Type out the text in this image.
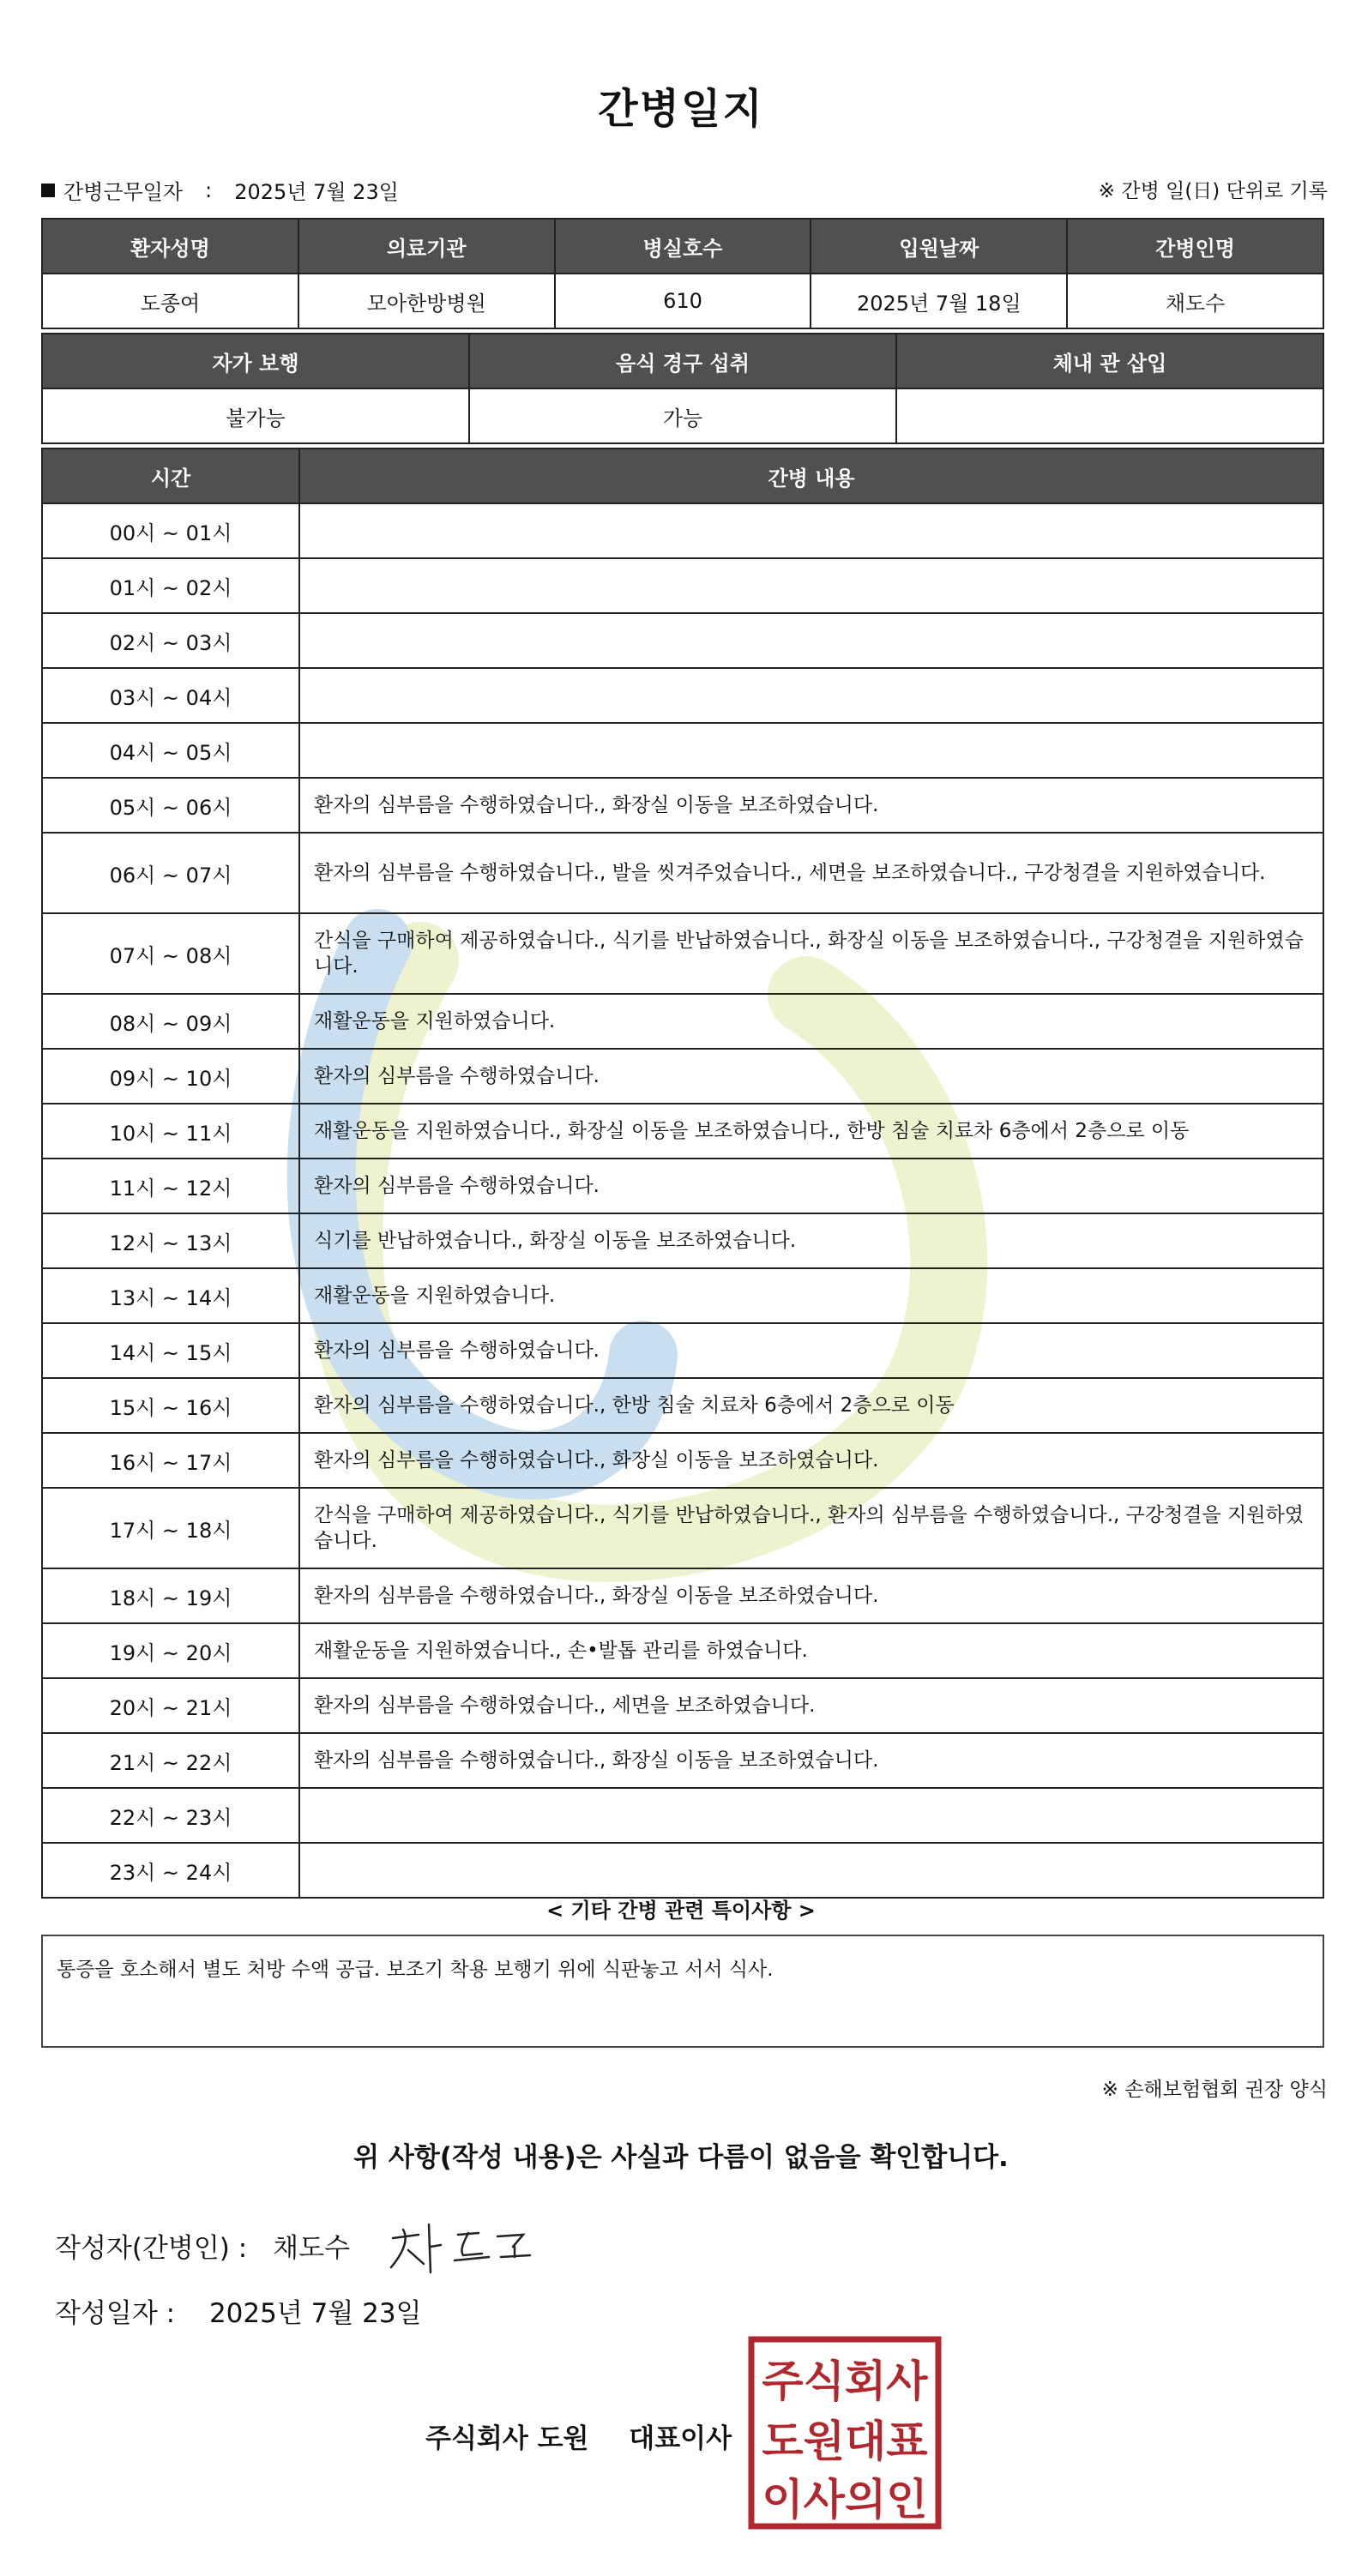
간병일지
간병근무일자 : 2025년 7월 23일	※ 간병 일(日) 단위로 기록
환자성명	의료기관	병실호수	입원날짜	간병인명
도종여	모아한방병원	610	2025년 7월 18일	채도수
자가 보행	음식 경구 섭취	체내 관 삽입
불가능	가능	
시간	간병 내용
00시 ~ 01시	
01시 ~ 02시	
02시 ~ 03시	
03시 ~ 04시	
04시 ~ 05시	
05시 ~ 06시	환자의 심부름을 수행하였습니다., 화장실 이동을 보조하였습니다.
06시 ~ 07시	환자의 심부름을 수행하였습니다., 발을 씻겨주었습니다., 세면을 보조하였습니다., 구강청결을 지원하였습니다.
07시 ~ 08시	간식을 구매하여 제공하였습니다., 식기를 반납하였습니다., 화장실 이동을 보조하였습니다., 구강청결을 지원하였습니다.
08시 ~ 09시	재활운동을 지원하였습니다.
09시 ~ 10시	환자의 심부름을 수행하였습니다.
10시 ~ 11시	재활운동을 지원하였습니다., 화장실 이동을 보조하였습니다., 한방 침술 치료차 6층에서 2층으로 이동
11시 ~ 12시	환자의 심부름을 수행하였습니다.
12시 ~ 13시	식기를 반납하였습니다., 화장실 이동을 보조하였습니다.
13시 ~ 14시	재활운동을 지원하였습니다.
14시 ~ 15시	환자의 심부름을 수행하였습니다.
15시 ~ 16시	환자의 심부름을 수행하였습니다., 한방 침술 치료차 6층에서 2층으로 이동
16시 ~ 17시	환자의 심부름을 수행하였습니다., 화장실 이동을 보조하였습니다.
17시 ~ 18시	간식을 구매하여 제공하였습니다., 식기를 반납하였습니다., 환자의 심부름을 수행하였습니다., 구강청결을 지원하였습니다.
18시 ~ 19시	환자의 심부름을 수행하였습니다., 화장실 이동을 보조하였습니다.
19시 ~ 20시	재활운동을 지원하였습니다., 손•발톱 관리를 하였습니다.
20시 ~ 21시	환자의 심부름을 수행하였습니다., 세면을 보조하였습니다.
21시 ~ 22시	환자의 심부름을 수행하였습니다., 화장실 이동을 보조하였습니다.
22시 ~ 23시	
23시 ~ 24시	
< 기타 간병 관련 특이사항 >
통증을 호소해서 별도 처방 수액 공급. 보조기 착용 보행기 위에 식판놓고 서서 식사.
※ 손해보험협회 권장 양식
위 사항(작성 내용)은 사실과 다름이 없음을 확인합니다.
작성자(간병인) : 채도수
작성일자 : 2025년 7월 23일
주식회사 도원 대표이사
주식회사
도원대표
이사의인
